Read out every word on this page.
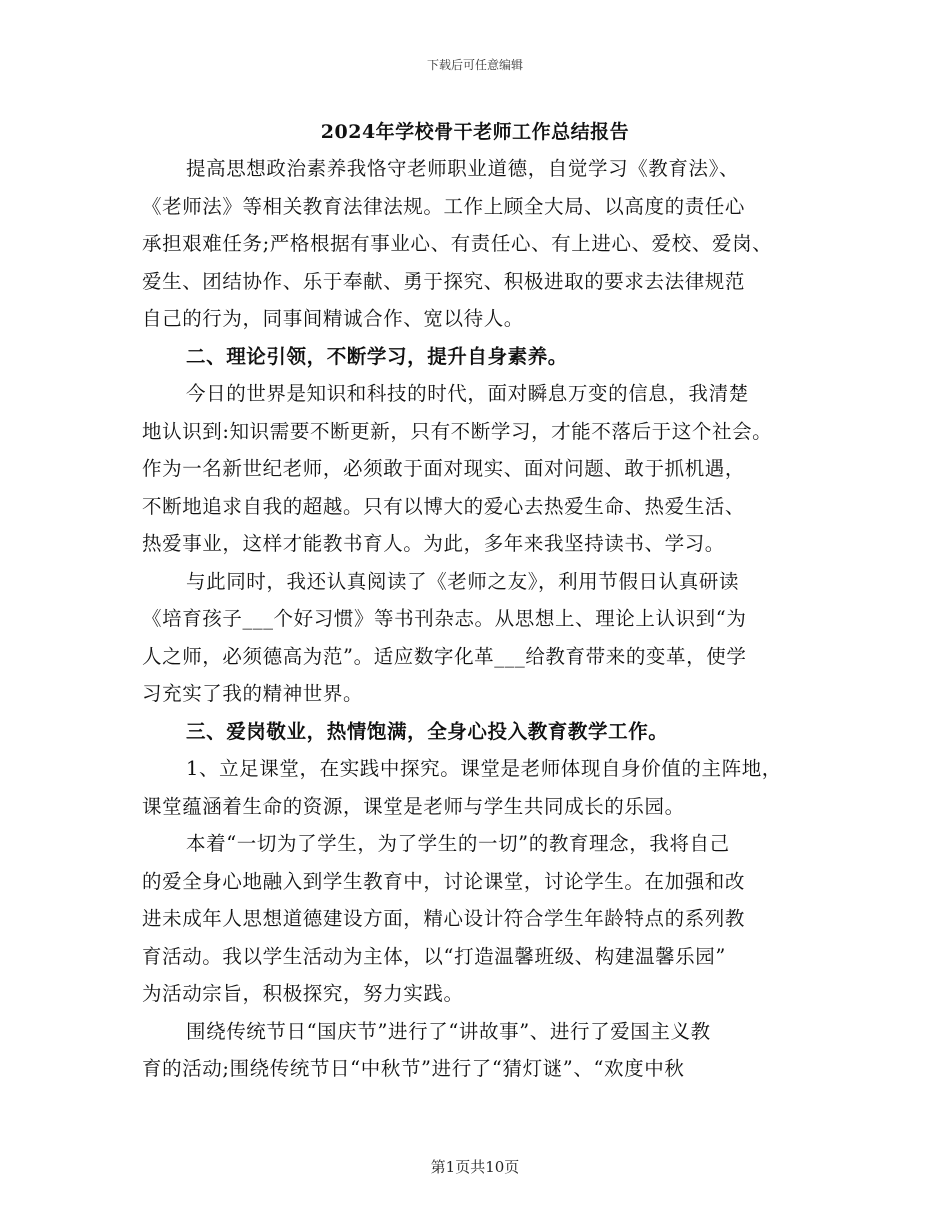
下载后可任意编辑
2024年学校骨干老师工作总结报告
提高思想政治素养我恪守老师职业道德，自觉学习《教育法》、
《老师法》等相关教育法律法规。工作上顾全大局、以高度的责任心
承担艰难任务;严格根据有事业心、有责任心、有上进心、爱校、爱岗、
爱生、团结协作、乐于奉献、勇于探究、积极进取的要求去法律规范
自己的行为，同事间精诚合作、宽以待人。
二、理论引领，不断学习，提升自身素养。
今日的世界是知识和科技的时代，面对瞬息万变的信息，我清楚
地认识到:知识需要不断更新，只有不断学习，才能不落后于这个社会。
作为一名新世纪老师，必须敢于面对现实、面对问题、敢于抓机遇，
不断地追求自我的超越。只有以博大的爱心去热爱生命、热爱生活、
热爱事业，这样才能教书育人。为此，多年来我坚持读书、学习。
与此同时，我还认真阅读了《老师之友》，利用节假日认真研读
《培育孩子___个好习惯》等书刊杂志。从思想上、理论上认识到“为
人之师，必须德高为范”。适应数字化革___给教育带来的变革，使学
习充实了我的精神世界。
三、爱岗敬业，热情饱满，全身心投入教育教学工作。
1、立足课堂，在实践中探究。课堂是老师体现自身价值的主阵地，
课堂蕴涵着生命的资源，课堂是老师与学生共同成长的乐园。
本着“一切为了学生，为了学生的一切”的教育理念，我将自己
的爱全身心地融入到学生教育中，讨论课堂，讨论学生。在加强和改
进未成年人思想道德建设方面，精心设计符合学生年龄特点的系列教
育活动。我以学生活动为主体，以“打造温馨班级、构建温馨乐园”
为活动宗旨，积极探究，努力实践。
围绕传统节日“国庆节”进行了“讲故事”、进行了爱国主义教
育的活动;围绕传统节日“中秋节”进行了“猜灯谜”、“欢度中秋
第1页共10页
